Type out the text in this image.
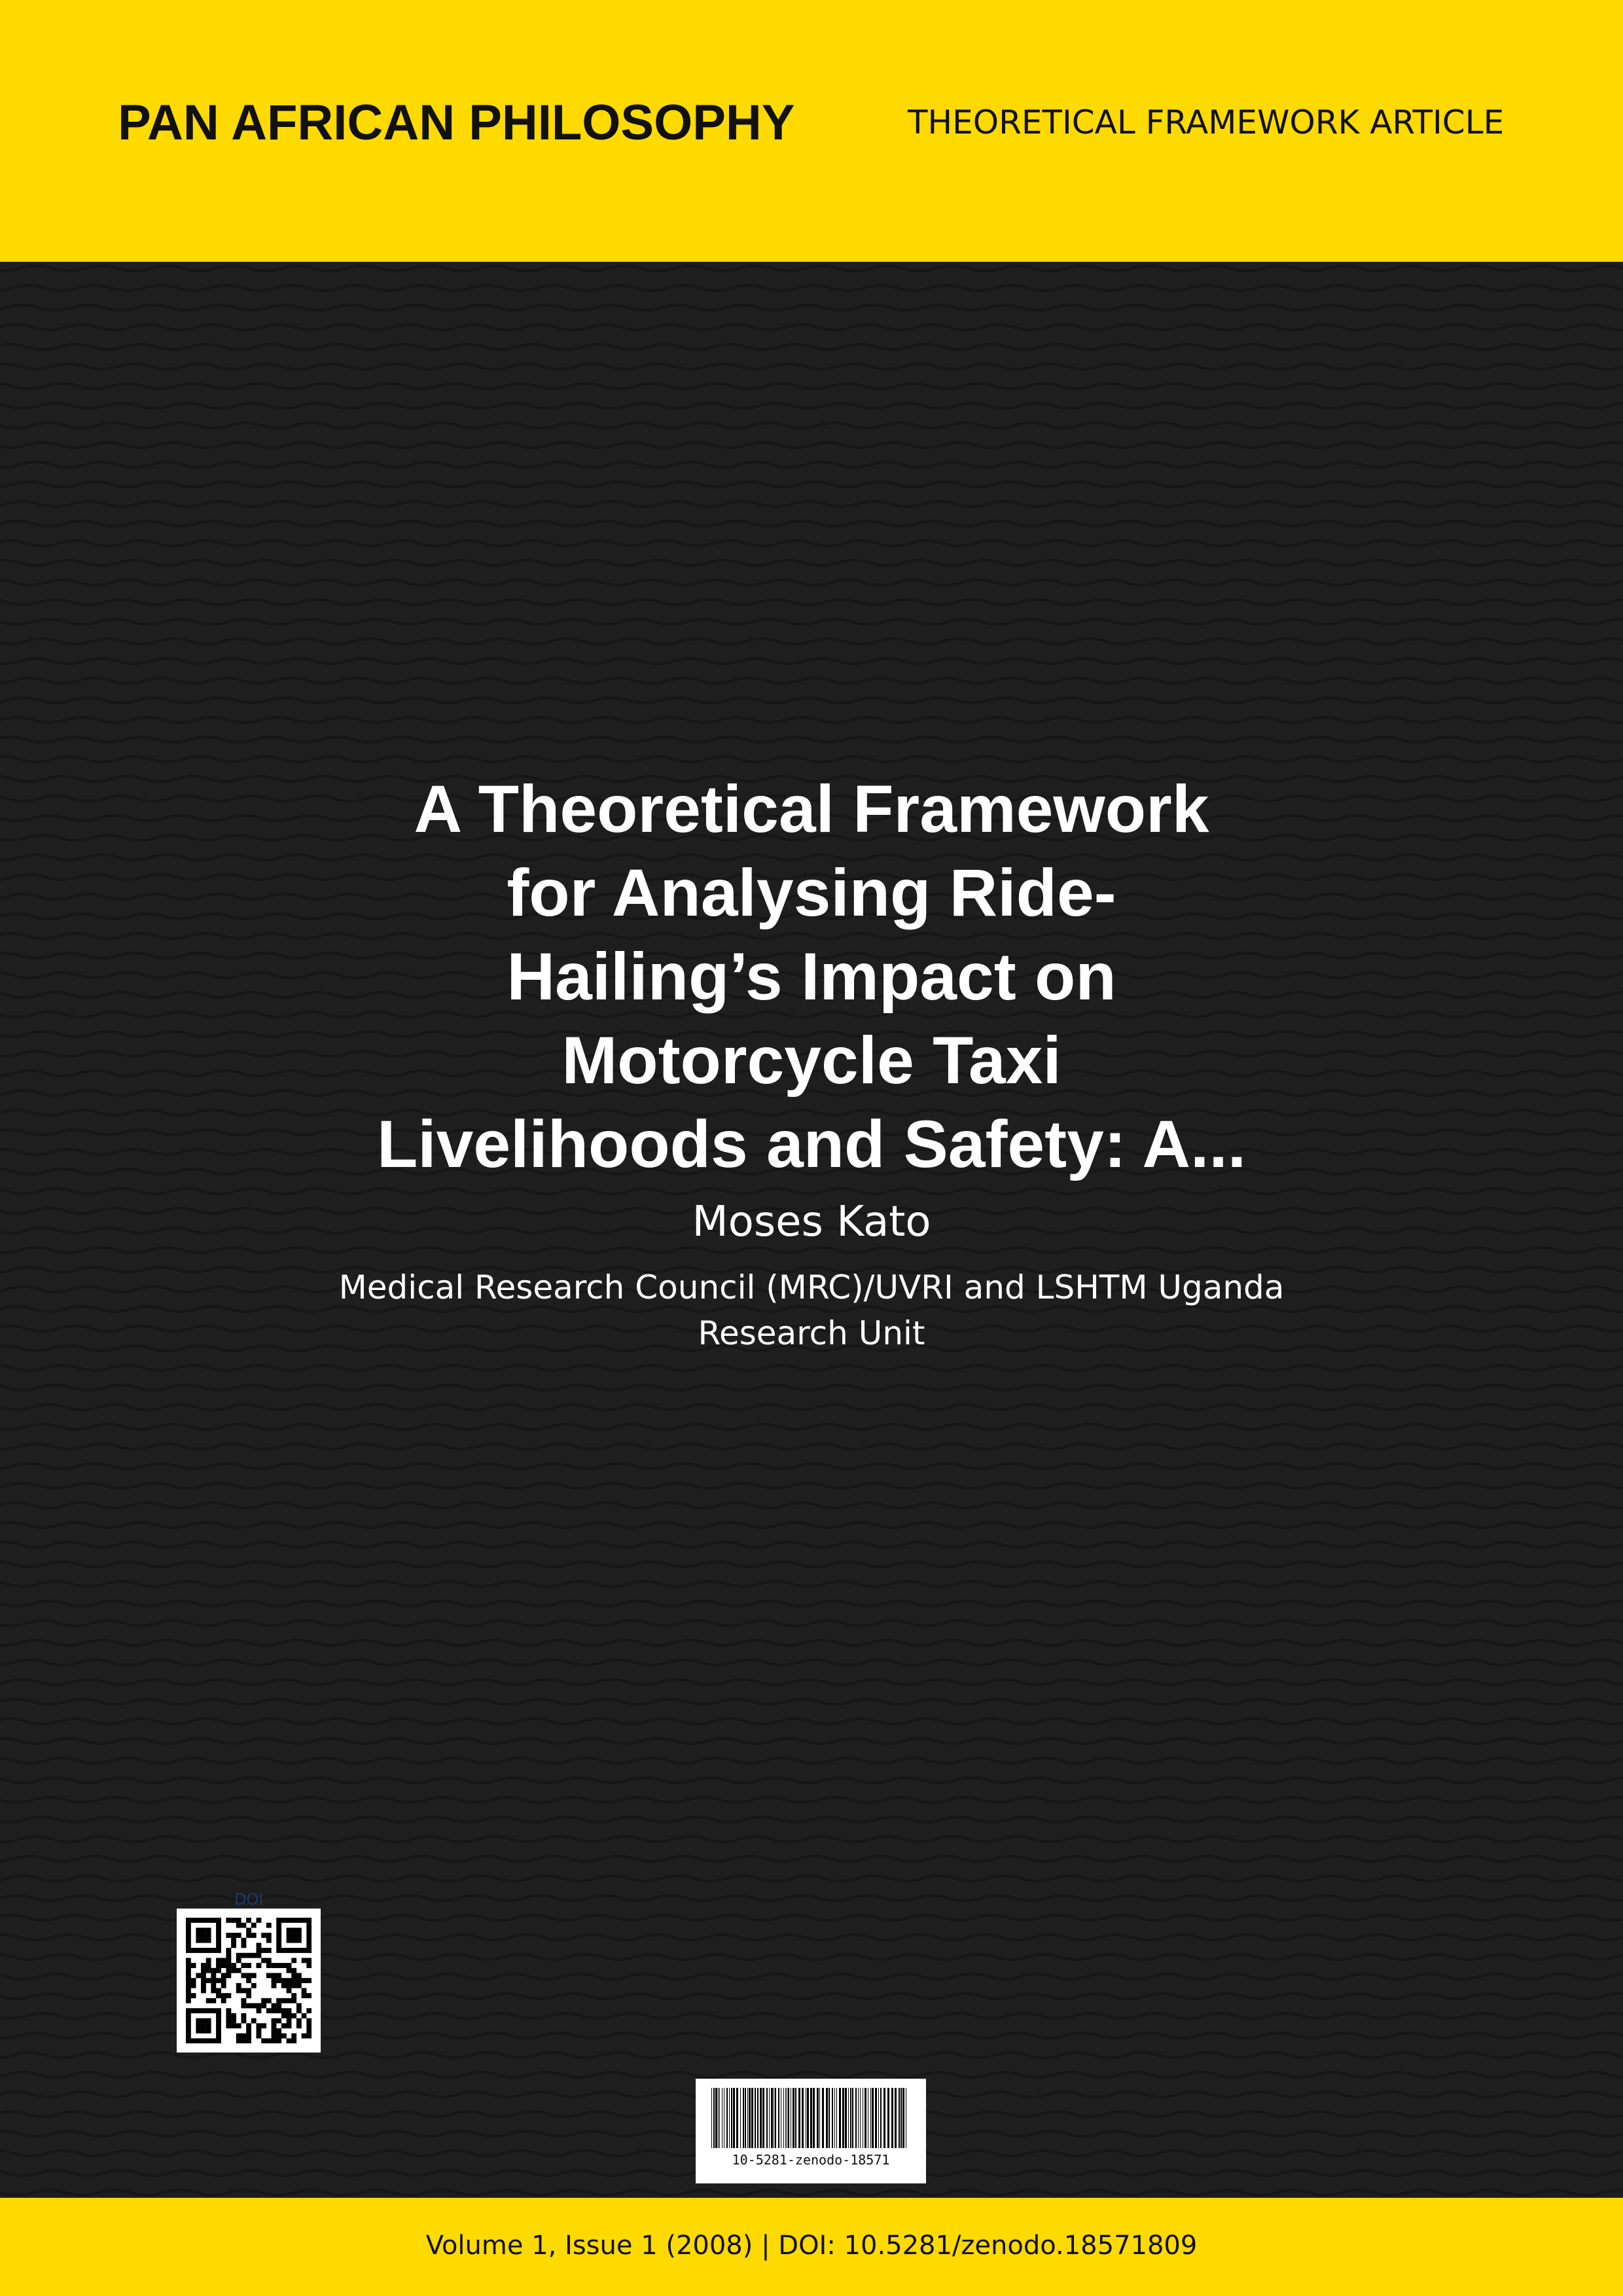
PAN AFRICAN PHILOSOPHY	THEORETICAL FRAMEWORK ARTICLE
A Theoretical Framework
for Analysing Ride-
Hailing’s Impact on
Motorcycle Taxi
Livelihoods and Safety: A...
Moses Kato
Medical Research Council (MRC)/UVRI and LSHTM Uganda
Research Unit
DOI
10-5281-zenodo-18571
Volume 1, Issue 1 (2008) | DOI: 10.5281/zenodo.18571809
